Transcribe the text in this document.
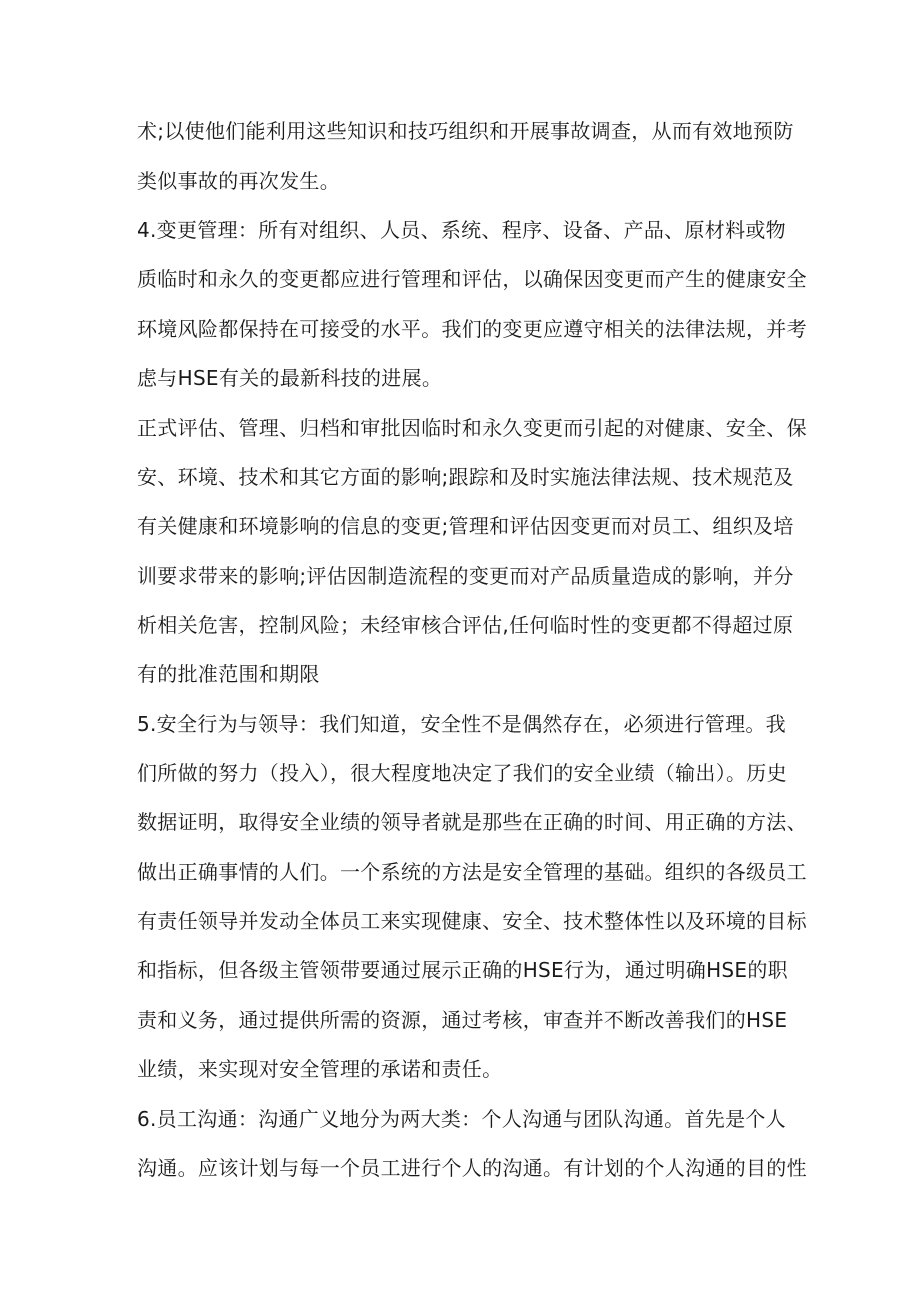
术;以使他们能利用这些知识和技巧组织和开展事故调查，从而有效地预防
类似事故的再次发生。
4.变更管理：所有对组织、人员、系统、程序、设备、产品、原材料或物
质临时和永久的变更都应进行管理和评估，以确保因变更而产生的健康安全
环境风险都保持在可接受的水平。我们的变更应遵守相关的法律法规，并考
虑与HSE有关的最新科技的进展。
正式评估、管理、归档和审批因临时和永久变更而引起的对健康、安全、保
安、环境、技术和其它方面的影响;跟踪和及时实施法律法规、技术规范及
有关健康和环境影响的信息的变更;管理和评估因变更而对员工、组织及培
训要求带来的影响;评估因制造流程的变更而对产品质量造成的影响，并分
析相关危害，控制风险；未经审核合评估,任何临时性的变更都不得超过原
有的批准范围和期限
5.安全行为与领导：我们知道，安全性不是偶然存在，必须进行管理。我
们所做的努力（投入），很大程度地决定了我们的安全业绩（输出）。历史
数据证明，取得安全业绩的领导者就是那些在正确的时间、用正确的方法、
做出正确事情的人们。一个系统的方法是安全管理的基础。组织的各级员工
有责任领导并发动全体员工来实现健康、安全、技术整体性以及环境的目标
和指标，但各级主管领带要通过展示正确的HSE行为，通过明确HSE的职
责和义务，通过提供所需的资源，通过考核，审查并不断改善我们的HSE
业绩，来实现对安全管理的承诺和责任。
6.员工沟通：沟通广义地分为两大类：个人沟通与团队沟通。首先是个人
沟通。应该计划与每一个员工进行个人的沟通。有计划的个人沟通的目的性
